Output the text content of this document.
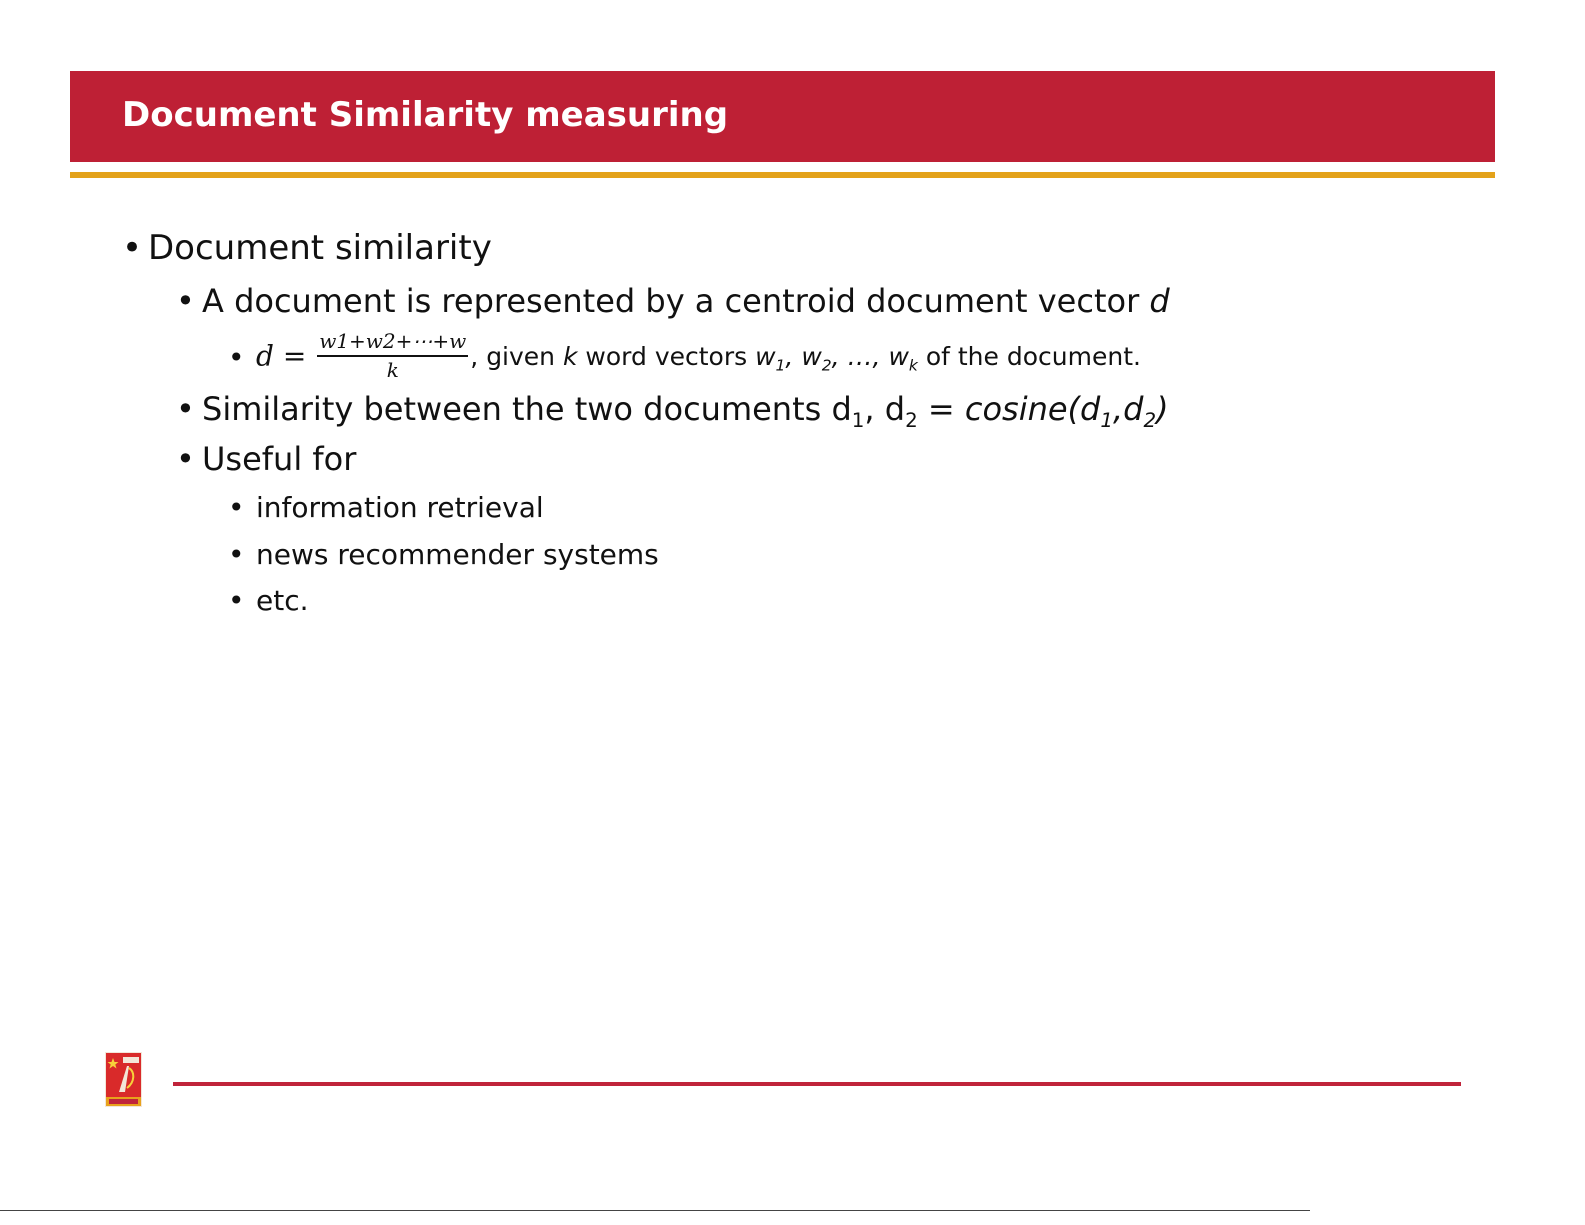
Document Similarity measuring
• Document similarity
• A document is represented by a centroid document vector d
• $d = \frac{w1+w2+\cdots+w}{k}$ , given k word vectors $w_1$, $w_2$, …, $w_k$ of the document.
• Similarity between the two documents $d_1$, $d_2 = cosine(d_1,d_2)$
• Useful for
• information retrieval
• news recommender systems
• etc.
